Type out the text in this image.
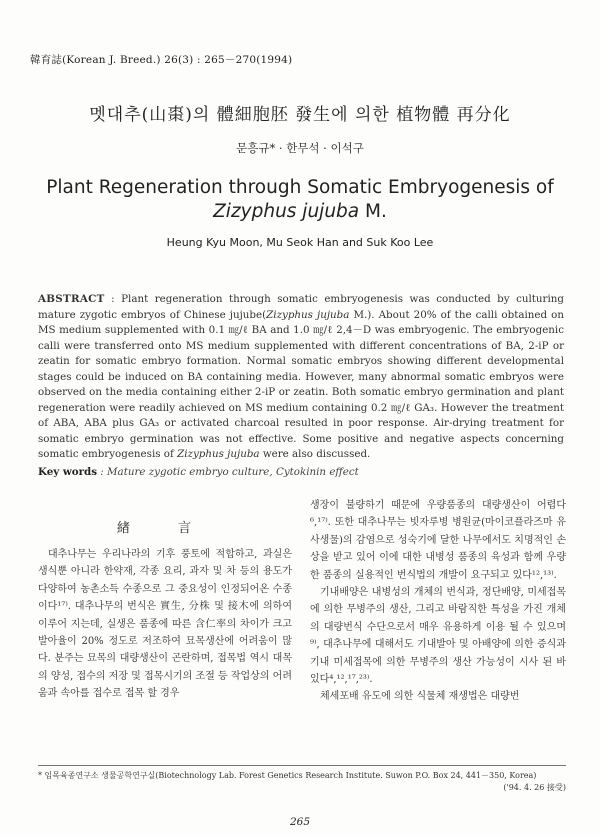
韓育誌(Korean J. Breed.) 26(3) : 265－270(1994)
멧대추(山棗)의 體細胞胚 發生에 의한 植物體 再分化
문흥규* · 한무석 · 이석구
Plant Regeneration through Somatic Embryogenesis of
Zizyphus jujuba M.
Heung Kyu Moon, Mu Seok Han and Suk Koo Lee
ABSTRACT : Plant regeneration through somatic embryogenesis was conducted by culturing mature zygotic embryos of Chinese jujube(Zizyphus jujuba M.). About 20% of the calli obtained on MS medium supplemented with 0.1 ㎎/ℓ BA and 1.0 ㎎/ℓ 2,4－D was embryogenic. The embryogenic calli were transferred onto MS medium supplemented with different concentrations of BA, 2-iP or zeatin for somatic embryo formation. Normal somatic embryos showing different developmental stages could be induced on BA containing media. However, many abnormal somatic embryos were observed on the media containing either 2-iP or zeatin. Both somatic embryo germination and plant regeneration were readily achieved on MS medium containing 0.2 ㎎/ℓ GA₃. However the treatment of ABA, ABA plus GA₃ or activated charcoal resulted in poor response. Air-drying treatment for somatic embryo germination was not effective. Some positive and negative aspects concerning somatic embryogenesis of Zizyphus jujuba were also discussed.
Key words : Mature zygotic embryo culture, Cytokinin effect
緖 言

대추나무는 우리나라의 기후 풍토에 적합하고, 과실은 생식뿐 아니라 한약재, 각종 요리, 과자 및 차 등의 용도가 다양하여 농촌소득 수종으로 그 중요성이 인정되어온 수종이다¹⁷⁾. 대추나무의 번식은 實生, 分株 및 接木에 의하여 이루어 지는데, 실생은 품종에 따른 含仁率의 차이가 크고 발아율이 20% 정도로 저조하여 묘목생산에 어려움이 많다. 분주는 묘목의 대량생산이 곤란하며, 접목법 역시 대목의 양성, 접수의 저장 및 접목시기의 조절 등 작업상의 어려움과 속아를 접수로 접목 할 경우

생장이 불량하기 때문에 우량품종의 대량생산이 어렵다⁶,¹⁷⁾. 또한 대추나무는 빗자루병 병원균(마이코플라즈마 유사생물)의 감염으로 성숙기에 달한 나무에서도 치명적인 손상을 받고 있어 이에 대한 내병성 품종의 육성과 함께 우량한 품종의 실용적인 번식법의 개발이 요구되고 있다¹²,¹³⁾.

기내배양은 내병성의 개체의 번식과, 정단배양, 미세접목에 의한 무병주의 생산, 그리고 바람직한 특성을 가진 개체의 대량번식 수단으로서 매우 유용하게 이용 될 수 있으며⁹⁾, 대추나무에 대해서도 기내발아 및 아배양에 의한 증식과 기내 미세접목에 의한 무병주의 생산 가능성이 시사 된 바 있다⁴,¹²,¹⁷,²³⁾.

체세포배 유도에 의한 식물체 재생법은 대량번

* 임목육종연구소 생물공학연구실(Biotechnology Lab. Forest Genetics Research Institute. Suwon P.O. Box 24, 441－350, Korea)
('94. 4. 26 接受)
265
